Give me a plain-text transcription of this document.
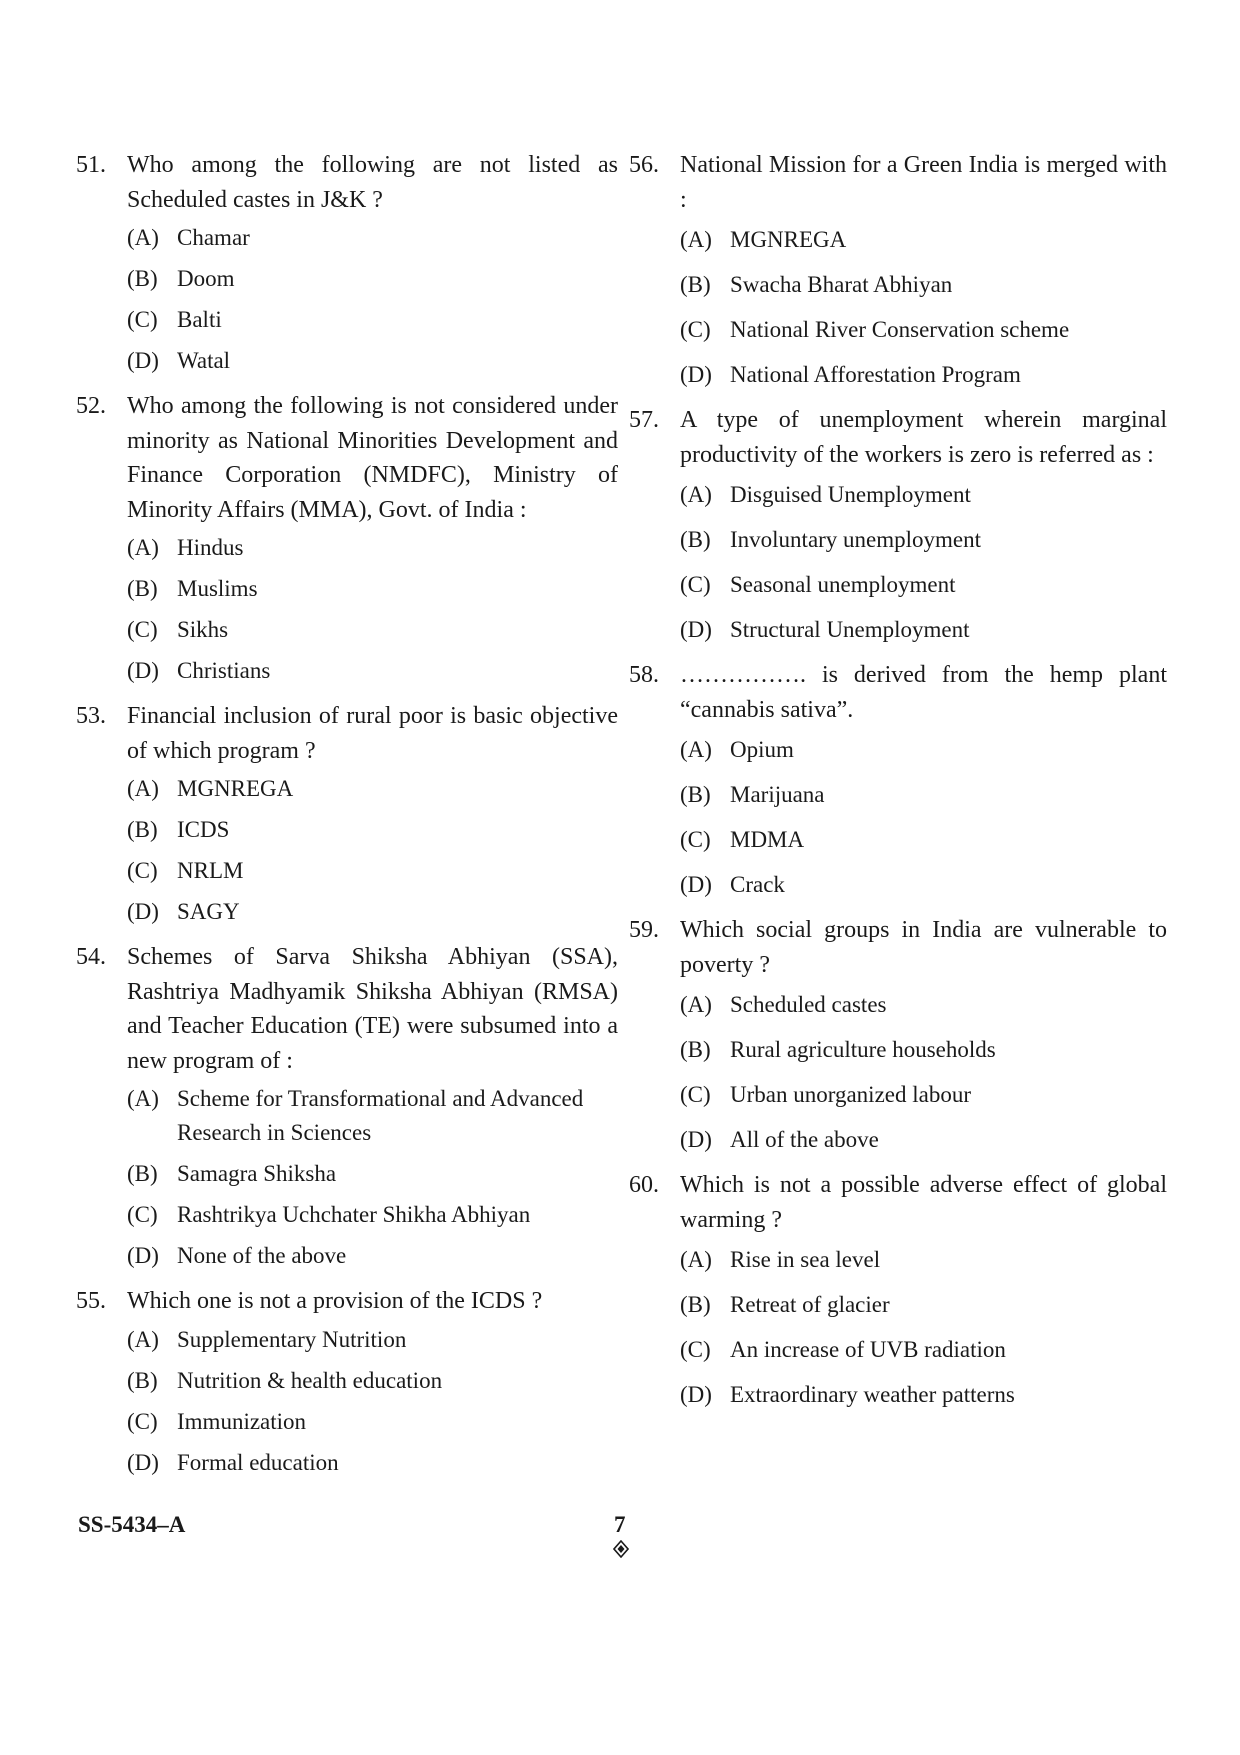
51. Who among the following are not listed as Scheduled castes in J&K ?
(A) Chamar
(B) Doom
(C) Balti
(D) Watal
52. Who among the following is not considered under minority as National Minorities Development and Finance Corporation (NMDFC), Ministry of Minority Affairs (MMA), Govt. of India :
(A) Hindus
(B) Muslims
(C) Sikhs
(D) Christians
53. Financial inclusion of rural poor is basic objective of which program ?
(A) MGNREGA
(B) ICDS
(C) NRLM
(D) SAGY
54. Schemes of Sarva Shiksha Abhiyan (SSA), Rashtriya Madhyamik Shiksha Abhiyan (RMSA) and Teacher Education (TE) were subsumed into a new program of :
(A) Scheme for Transformational and Advanced Research in Sciences
(B) Samagra Shiksha
(C) Rashtrikya Uchchater Shikha Abhiyan
(D) None of the above
55. Which one is not a provision of the ICDS ?
(A) Supplementary Nutrition
(B) Nutrition & health education
(C) Immunization
(D) Formal education
56. National Mission for a Green India is merged with :
(A) MGNREGA
(B) Swacha Bharat Abhiyan
(C) National River Conservation scheme
(D) National Afforestation Program
57. A type of unemployment wherein marginal productivity of the workers is zero is referred as :
(A) Disguised Unemployment
(B) Involuntary unemployment
(C) Seasonal unemployment
(D) Structural Unemployment
58. ……………. is derived from the hemp plant “cannabis sativa”.
(A) Opium
(B) Marijuana
(C) MDMA
(D) Crack
59. Which social groups in India are vulnerable to poverty ?
(A) Scheduled castes
(B) Rural agriculture households
(C) Urban unorganized labour
(D) All of the above
60. Which is not a possible adverse effect of global warming ?
(A) Rise in sea level
(B) Retreat of glacier
(C) An increase of UVB radiation
(D) Extraordinary weather patterns
SS-5434–A	7
